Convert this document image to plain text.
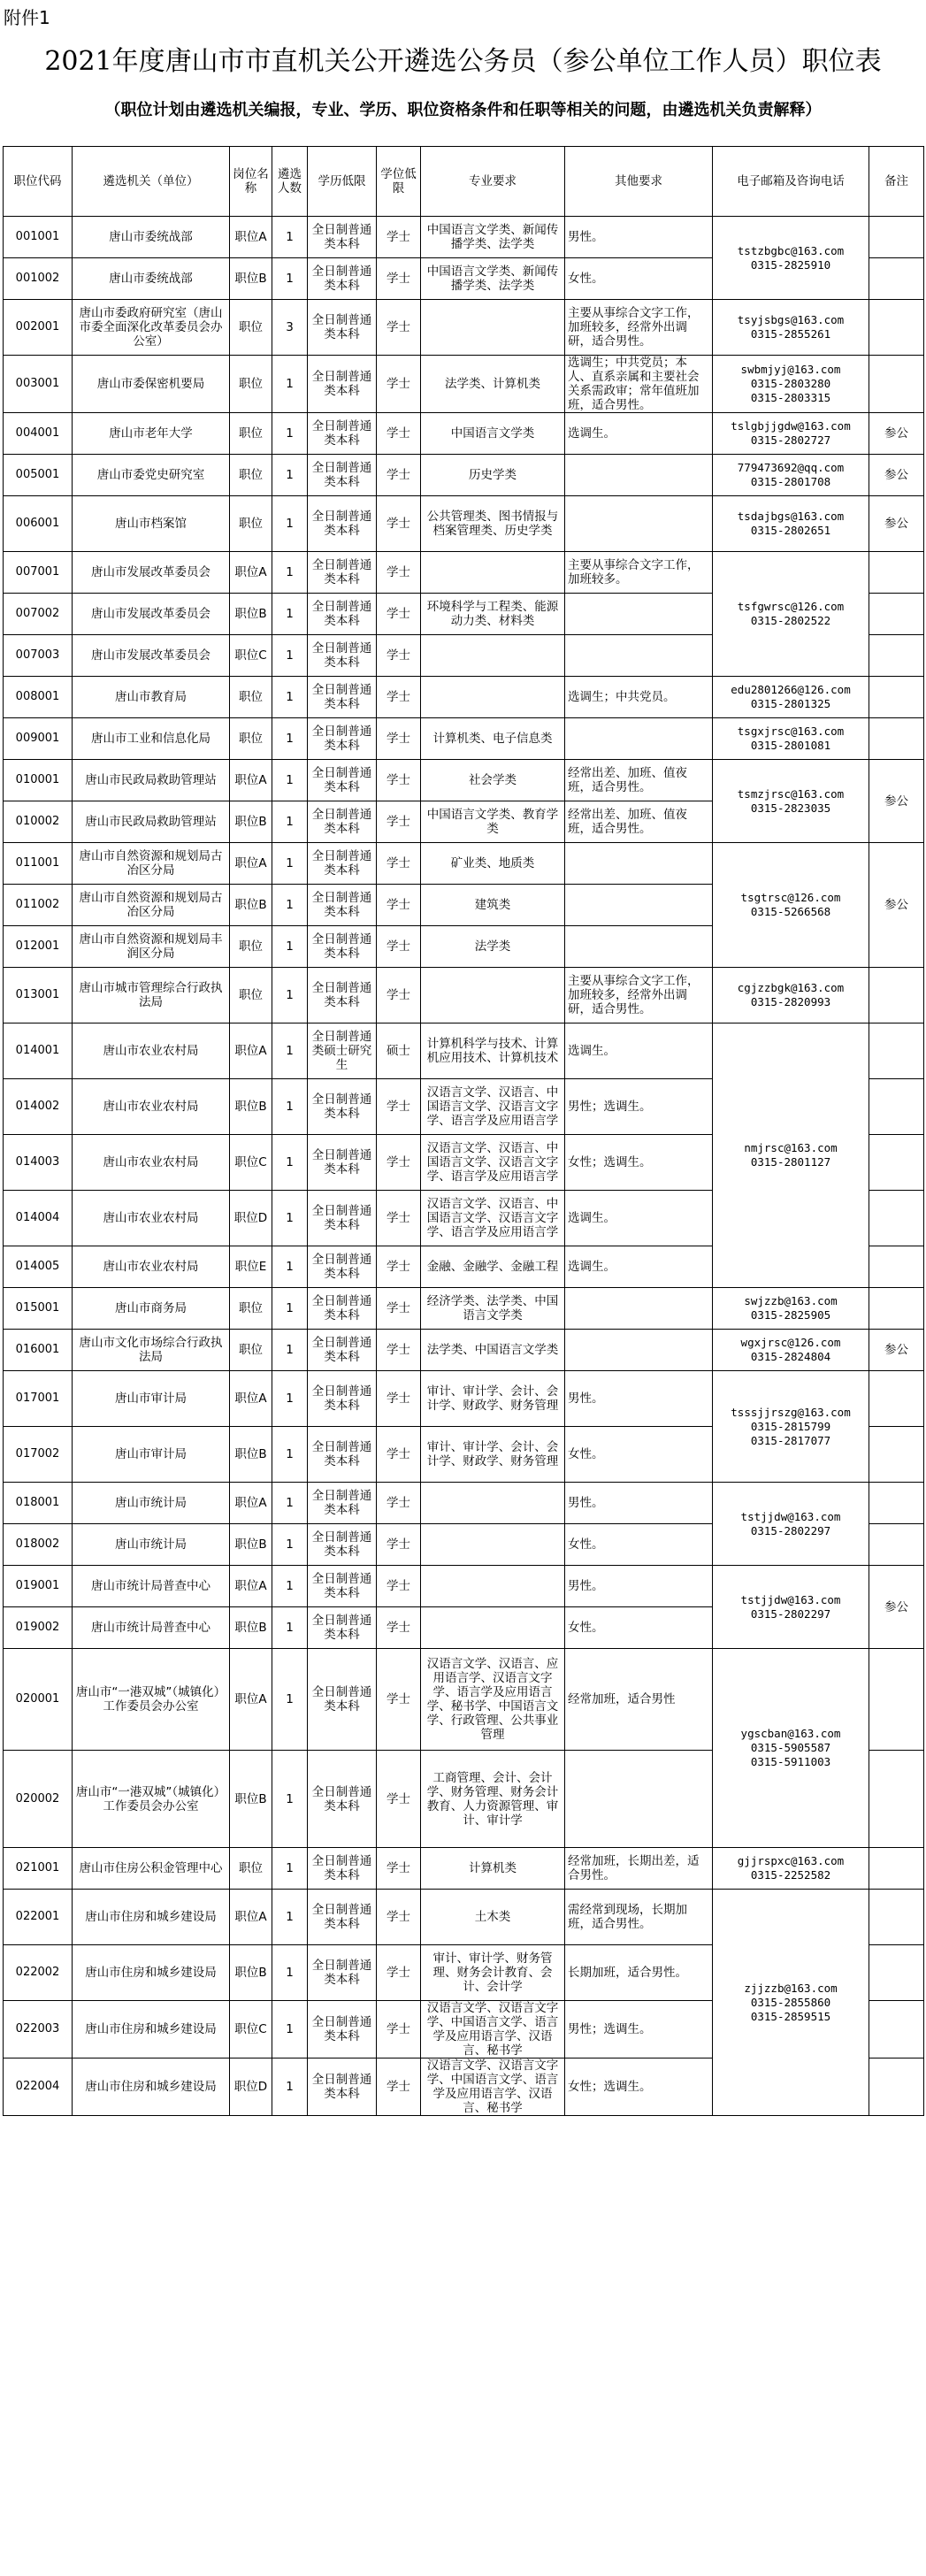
附件1
2021年度唐山市市直机关公开遴选公务员（参公单位工作人员）职位表
（职位计划由遴选机关编报，专业、学历、职位资格条件和任职等相关的问题，由遴选机关负责解释）
职位代码	遴选机关（单位）	岗位名称	遴选人数	学历低限	学位低限	专业要求	其他要求	电子邮箱及咨询电话	备注
001001	唐山市委统战部	职位A	1	全日制普通类本科	学士	中国语言文学类、新闻传播学类、法学类	男性。	tstzbgbc@163.com
0315-2825910	
001002	唐山市委统战部	职位B	1	全日制普通类本科	学士	中国语言文学类、新闻传播学类、法学类	女性。		
002001	唐山市委政府研究室（唐山市委全面深化改革委员会办公室）	职位	3	全日制普通类本科	学士		主要从事综合文字工作，加班较多，经常外出调研，适合男性。	tsyjsbgs@163.com
0315-2855261	
003001	唐山市委保密机要局	职位	1	全日制普通类本科	学士	法学类、计算机类	选调生；中共党员；本人、直系亲属和主要社会关系需政审；常年值班加班，适合男性。	swbmjyj@163.com
0315-2803280
0315-2803315	
004001	唐山市老年大学	职位	1	全日制普通类本科	学士	中国语言文学类	选调生。	tslgbjjgdw@163.com
0315-2802727	参公
005001	唐山市委党史研究室	职位	1	全日制普通类本科	学士	历史学类		779473692@qq.com
0315-2801708	参公
006001	唐山市档案馆	职位	1	全日制普通类本科	学士	公共管理类、图书情报与档案管理类、历史学类		tsdajbgs@163.com
0315-2802651	参公
007001	唐山市发展改革委员会	职位A	1	全日制普通类本科	学士		主要从事综合文字工作，加班较多。	tsfgwrsc@126.com
0315-2802522	
007002	唐山市发展改革委员会	职位B	1	全日制普通类本科	学士	环境科学与工程类、能源动力类、材料类			
007003	唐山市发展改革委员会	职位C	1	全日制普通类本科	学士				
008001	唐山市教育局	职位	1	全日制普通类本科	学士		选调生；中共党员。	edu2801266@126.com
0315-2801325	
009001	唐山市工业和信息化局	职位	1	全日制普通类本科	学士	计算机类、电子信息类		tsgxjrsc@163.com
0315-2801081	
010001	唐山市民政局救助管理站	职位A	1	全日制普通类本科	学士	社会学类	经常出差、加班、值夜班，适合男性。	tsmzjrsc@163.com
0315-2823035	参公
010002	唐山市民政局救助管理站	职位B	1	全日制普通类本科	学士	中国语言文学类、教育学类	经常出差、加班、值夜班，适合男性。		
011001	唐山市自然资源和规划局古冶区分局	职位A	1	全日制普通类本科	学士	矿业类、地质类		tsgtrsc@126.com
0315-5266568	参公
011002	唐山市自然资源和规划局古冶区分局	职位B	1	全日制普通类本科	学士	建筑类			
012001	唐山市自然资源和规划局丰润区分局	职位	1	全日制普通类本科	学士	法学类			
013001	唐山市城市管理综合行政执法局	职位	1	全日制普通类本科	学士		主要从事综合文字工作，加班较多，经常外出调研，适合男性。	cgjzzbgk@163.com
0315-2820993	
014001	唐山市农业农村局	职位A	1	全日制普通类硕士研究生	硕士	计算机科学与技术、计算机应用技术、计算机技术	选调生。	nmjrsc@163.com
0315-2801127	
014002	唐山市农业农村局	职位B	1	全日制普通类本科	学士	汉语言文学、汉语言、中国语言文学、汉语言文字学、语言学及应用语言学	男性；选调生。		
014003	唐山市农业农村局	职位C	1	全日制普通类本科	学士	汉语言文学、汉语言、中国语言文学、汉语言文字学、语言学及应用语言学	女性；选调生。		
014004	唐山市农业农村局	职位D	1	全日制普通类本科	学士	汉语言文学、汉语言、中国语言文学、汉语言文字学、语言学及应用语言学	选调生。		
014005	唐山市农业农村局	职位E	1	全日制普通类本科	学士	金融、金融学、金融工程	选调生。		
015001	唐山市商务局	职位	1	全日制普通类本科	学士	经济学类、法学类、中国语言文学类		swjzzb@163.com
0315-2825905	
016001	唐山市文化市场综合行政执法局	职位	1	全日制普通类本科	学士	法学类、中国语言文学类		wgxjrsc@126.com
0315-2824804	参公
017001	唐山市审计局	职位A	1	全日制普通类本科	学士	审计、审计学、会计、会计学、财政学、财务管理	男性。	tsssjjrszg@163.com
0315-2815799
0315-2817077	
017002	唐山市审计局	职位B	1	全日制普通类本科	学士	审计、审计学、会计、会计学、财政学、财务管理	女性。		
018001	唐山市统计局	职位A	1	全日制普通类本科	学士		男性。	tstjjdw@163.com
0315-2802297	
018002	唐山市统计局	职位B	1	全日制普通类本科	学士		女性。		
019001	唐山市统计局普查中心	职位A	1	全日制普通类本科	学士		男性。	tstjjdw@163.com
0315-2802297	参公
019002	唐山市统计局普查中心	职位B	1	全日制普通类本科	学士		女性。		
020001	唐山市“一港双城”（城镇化）工作委员会办公室	职位A	1	全日制普通类本科	学士	汉语言文学、汉语言、应用语言学、汉语言文字学、语言学及应用语言学、秘书学、中国语言文学、行政管理、公共事业管理	经常加班，适合男性	ygscban@163.com
0315-5905587
0315-5911003	
020002	唐山市“一港双城”（城镇化）工作委员会办公室	职位B	1	全日制普通类本科	学士	工商管理、会计、会计学、财务管理、财务会计教育、人力资源管理、审计、审计学			
021001	唐山市住房公积金管理中心	职位	1	全日制普通类本科	学士	计算机类	经常加班，长期出差，适合男性。	gjjrspxc@163.com
0315-2252582	
022001	唐山市住房和城乡建设局	职位A	1	全日制普通类本科	学士	土木类	需经常到现场，长期加班，适合男性。	zjjzzb@163.com
0315-2855860
0315-2859515	
022002	唐山市住房和城乡建设局	职位B	1	全日制普通类本科	学士	审计、审计学、财务管理、财务会计教育、会计、会计学	长期加班，适合男性。		
022003	唐山市住房和城乡建设局	职位C	1	全日制普通类本科	学士	汉语言文学、汉语言文字学、中国语言文学、语言学及应用语言学、汉语言、秘书学	男性；选调生。		
022004	唐山市住房和城乡建设局	职位D	1	全日制普通类本科	学士	汉语言文学、汉语言文字学、中国语言文学、语言学及应用语言学、汉语言、秘书学	女性；选调生。		
